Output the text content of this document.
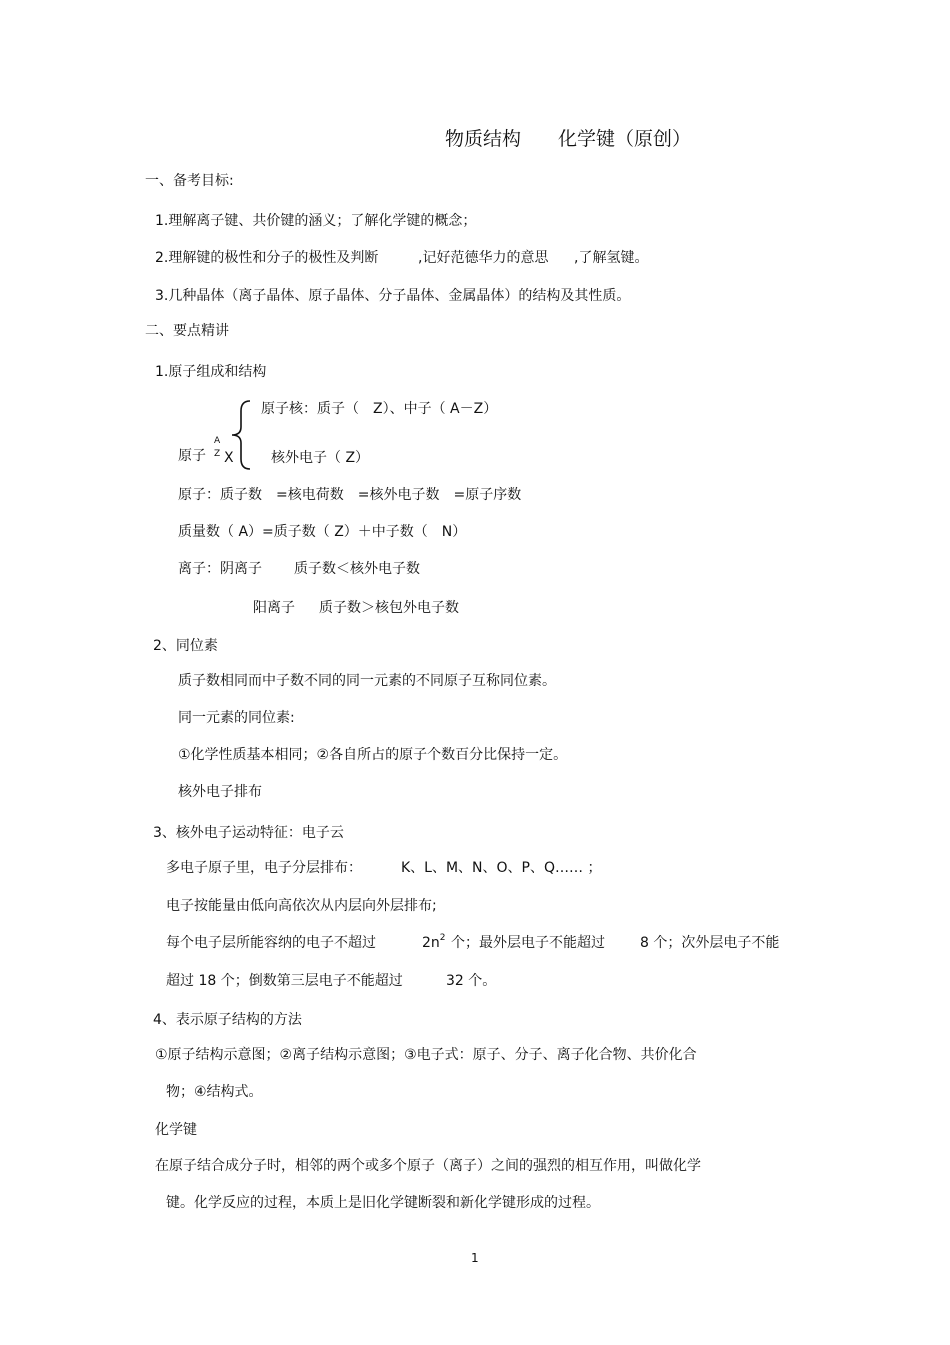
物质结构 化学键（原创）
一、备考目标:
1.理解离子键、共价键的涵义；了解化学键的概念；
2.理解键的极性和分子的极性及判断	,记好范德华力的意思 ,了解氢键。
3.几种晶体（离子晶体、原子晶体、分子晶体、金属晶体）的结构及其性质。
二、要点精讲
1.原子组成和结构
原子核：质子（　Z）、中子（ A－Z）
原子
A
Z X	核外电子（ Z）
原子：质子数　=核电荷数　=核外电子数　=原子序数
质量数（ A）=质子数（ Z）＋中子数（　N）
离子：阴离子 质子数＜核外电子数
阳离子 质子数＞核包外电子数
2、同位素
质子数相同而中子数不同的同一元素的不同原子互称同位素。
同一元素的同位素:
①化学性质基本相同；②各自所占的原子个数百分比保持一定。
核外电子排布
3、核外电子运动特征：电子云
多电子原子里，电子分层排布：	K、L、M、N、O、P、Q…… ；
电子按能量由低向高依次从内层向外层排布;
每个电子层所能容纳的电子不超过	$2n^2$ 个；最外层电子不能超过	8 个；次外层电子不能
超过 18 个；倒数第三层电子不能超过	32 个。
4、表示原子结构的方法
①原子结构示意图；②离子结构示意图；③电子式：原子、分子、离子化合物、共价化合
物；④结构式。
化学键
在原子结合成分子时，相邻的两个或多个原子（离子）之间的强烈的相互作用，叫做化学
键。化学反应的过程，本质上是旧化学键断裂和新化学键形成的过程。
1
